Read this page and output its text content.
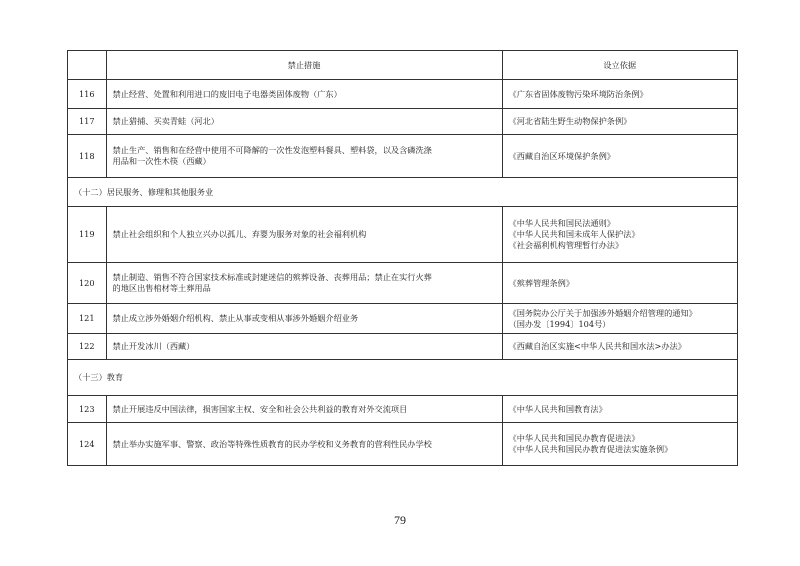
	禁止措施	设立依据
116	禁止经营、处置和利用进口的废旧电子电器类固体废物（广东）	《广东省固体废物污染环境防治条例》

117	禁止猎捕、买卖青蛙（河北）	《河北省陆生野生动物保护条例》

118	禁止生产、销售和在经营中使用不可降解的一次性发泡塑料餐具、塑料袋，以及含磷洗涤
用品和一次性木筷（西藏）	《西藏自治区环境保护条例》

（十二）居民服务、修理和其他服务业		
119	禁止社会组织和个人独立兴办以孤儿、弃婴为服务对象的社会福利机构	《中华人民共和国民法通则》
《中华人民共和国未成年人保护法》
《社会福利机构管理暂行办法》

120	禁止制造、销售不符合国家技术标准或封建迷信的殡葬设备、丧葬用品；禁止在实行火葬
的地区出售棺材等土葬用品	《殡葬管理条例》

121	禁止成立涉外婚姻介绍机构、禁止从事或变相从事涉外婚姻介绍业务	《国务院办公厅关于加强涉外婚姻介绍管理的通知》
（国办发〔1994〕104号）

122	禁止开发冰川（西藏）	《西藏自治区实施<中华人民共和国水法>办法》

（十三）教育		
123	禁止开展违反中国法律，损害国家主权、安全和社会公共利益的教育对外交流项目	《中华人民共和国教育法》

124	禁止举办实施军事、警察、政治等特殊性质教育的民办学校和义务教育的营利性民办学校	《中华人民共和国民办教育促进法》
《中华人民共和国民办教育促进法实施条例》
79
